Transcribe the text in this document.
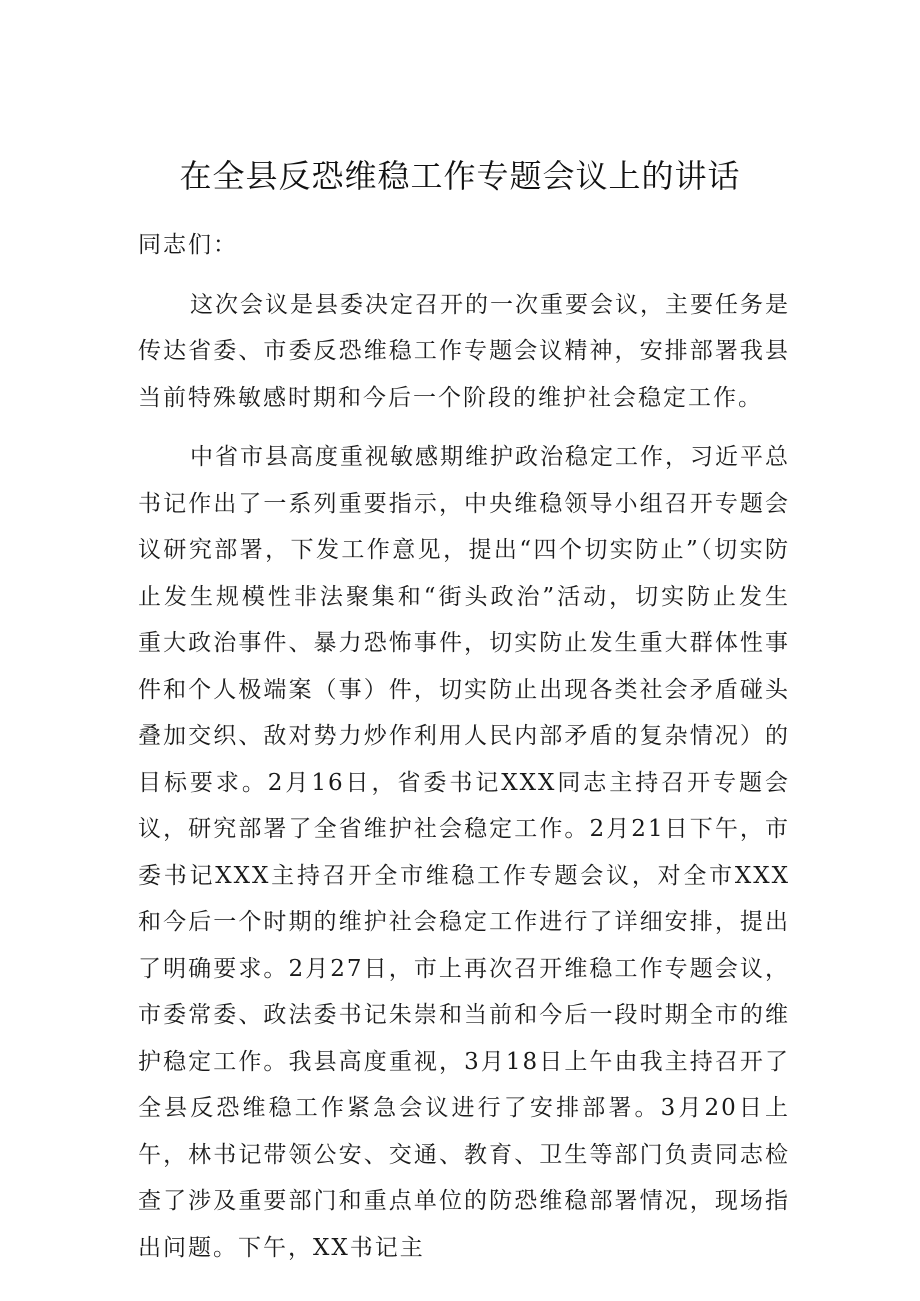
在全县反恐维稳工作专题会议上的讲话

同志们：

这次会议是县委决定召开的一次重要会议，主要任务是传达省委、市委反恐维稳工作专题会议精神，安排部署我县当前特殊敏感时期和今后一个阶段的维护社会稳定工作。

中省市县高度重视敏感期维护政治稳定工作，习近平总书记作出了一系列重要指示，中央维稳领导小组召开专题会议研究部署，下发工作意见，提出“四个切实防止”（切实防止发生规模性非法聚集和“街头政治”活动，切实防止发生重大政治事件、暴力恐怖事件，切实防止发生重大群体性事件和个人极端案（事）件，切实防止出现各类社会矛盾碰头叠加交织、敌对势力炒作利用人民内部矛盾的复杂情况）的目标要求。2月16日，省委书记XXX同志主持召开专题会议，研究部署了全省维护社会稳定工作。2月21日下午，市委书记XXX主持召开全市维稳工作专题会议，对全市XXX和今后一个时期的维护社会稳定工作进行了详细安排，提出了明确要求。2月27日，市上再次召开维稳工作专题会议，市委常委、政法委书记朱崇和当前和今后一段时期全市的维护稳定工作。我县高度重视，3月18日上午由我主持召开了全县反恐维稳工作紧急会议进行了安排部署。3月20日上午，林书记带领公安、交通、教育、卫生等部门负责同志检查了涉及重要部门和重点单位的防恐维稳部署情况，现场指出问题。下午，XX书记主
